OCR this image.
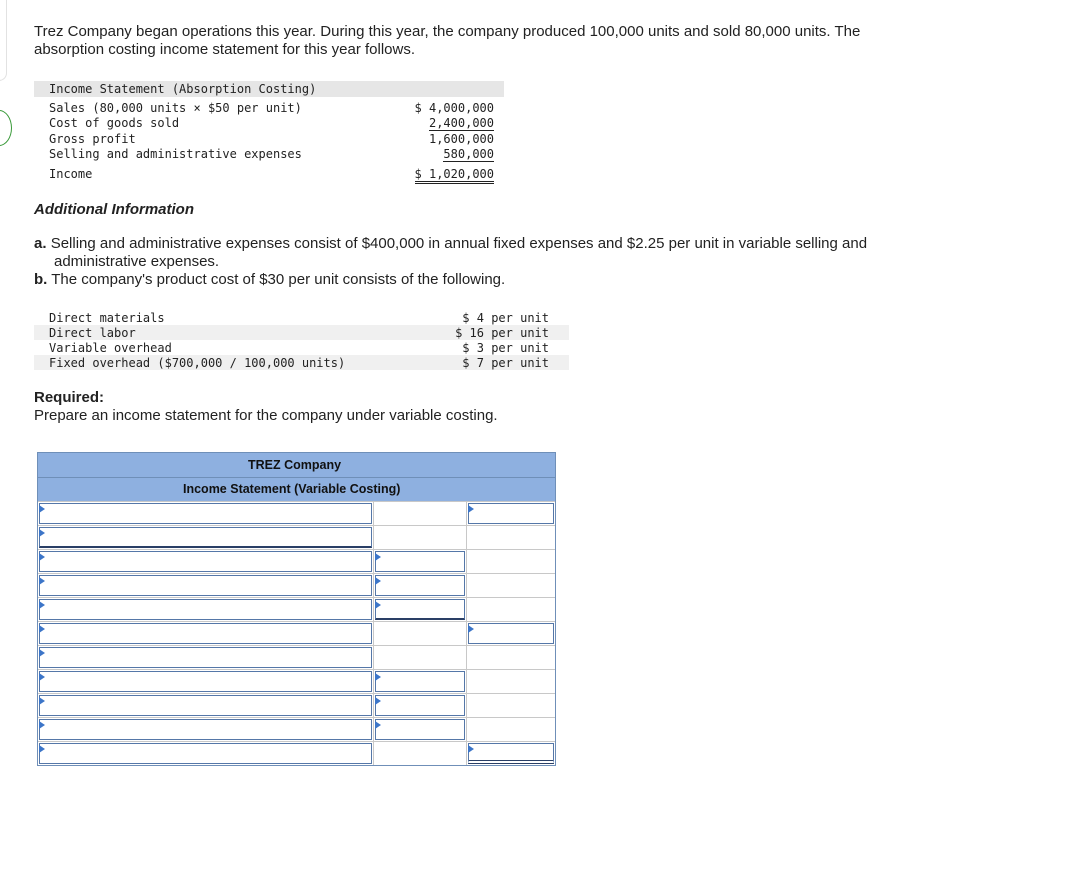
Trez Company began operations this year. During this year, the company produced 100,000 units and sold 80,000 units. The
absorption costing income statement for this year follows.
Income Statement (Absorption Costing)
Sales (80,000 units × $50 per unit)	$ 4,000,000
Cost of goods sold	2,400,000
Gross profit	1,600,000
Selling and administrative expenses	580,000
Income	$ 1,020,000
Additional Information
a. Selling and administrative expenses consist of $400,000 in annual fixed expenses and $2.25 per unit in variable selling and
administrative expenses.
b. The company's product cost of $30 per unit consists of the following.
Direct materials	$ 4 per unit
Direct labor	$ 16 per unit
Variable overhead	$ 3 per unit
Fixed overhead ($700,000 / 100,000 units)	$ 7 per unit
Required:
Prepare an income statement for the company under variable costing.
TREZ Company
Income Statement (Variable Costing)
